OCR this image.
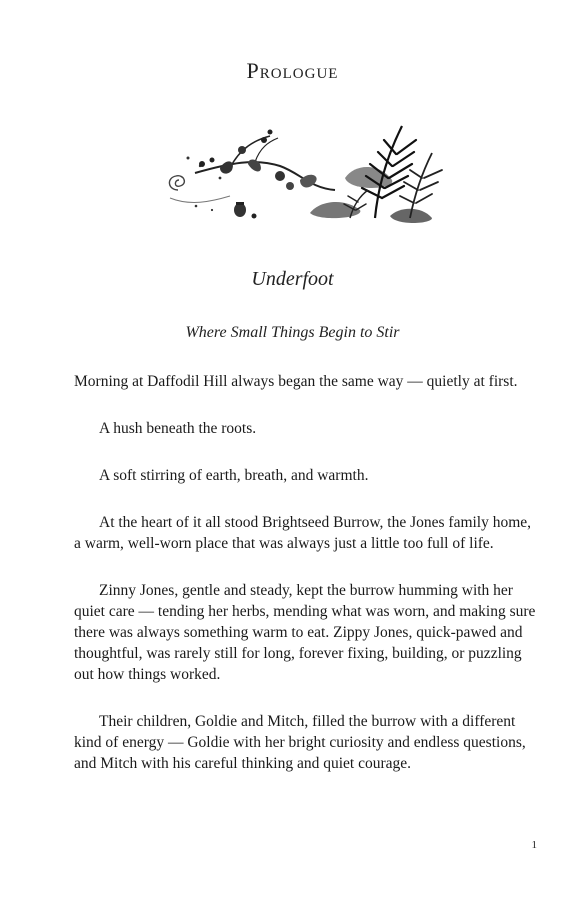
Prologue
Underfoot
Where Small Things Begin to Stir

Morning at Daffodil Hill always began the same way — quietly at first.

A hush beneath the roots.

A soft stirring of earth, breath, and warmth.

At the heart of it all stood Brightseed Burrow, the Jones family home, a warm, well-worn place that was always just a little too full of life.

Zinny Jones, gentle and steady, kept the burrow humming with her quiet care — tending her herbs, mending what was worn, and making sure there was always something warm to eat. Zippy Jones, quick-pawed and thoughtful, was rarely still for long, forever fixing, building, or puzzling out how things worked.

Their children, Goldie and Mitch, filled the burrow with a different kind of energy — Goldie with her bright curiosity and endless questions, and Mitch with his careful thinking and quiet courage.

1
